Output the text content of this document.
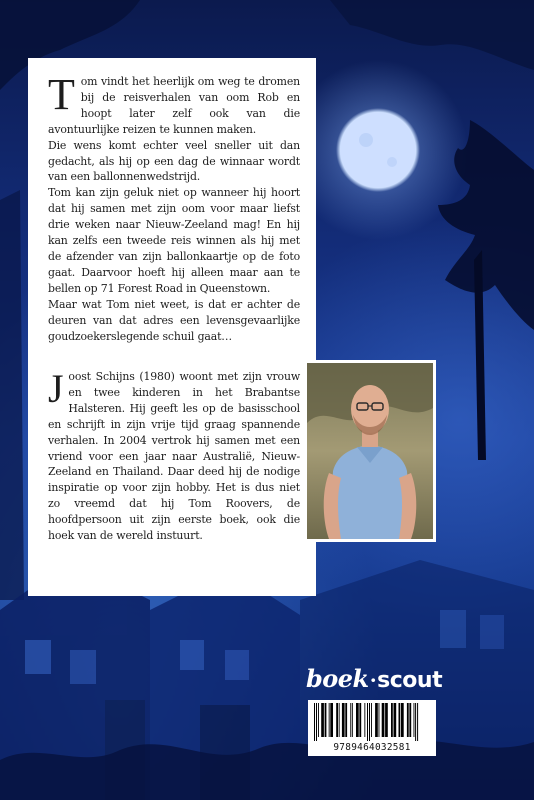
Tom vindt het heerlijk om weg te dromen bij de reisverhalen van oom Rob en hoopt later zelf ook van die avontuurlijke reizen te kunnen maken.

Die wens komt echter veel sneller uit dan gedacht, als hij op een dag de winnaar wordt van een ballonnenwedstrijd.

Tom kan zijn geluk niet op wanneer hij hoort dat hij samen met zijn oom voor maar liefst drie weken naar Nieuw-Zeeland mag! En hij kan zelfs een tweede reis winnen als hij met de afzender van zijn ballonkaartje op de foto gaat. Daarvoor hoeft hij alleen maar aan te bellen op 71 Forest Road in Queenstown.

Maar wat Tom niet weet, is dat er achter de deuren van dat adres een levensgevaarlijke goudzoekerslegende schuil gaat…

Joost Schijns (1980) woont met zijn vrouw en twee kinderen in het Brabantse Halsteren. Hij geeft les op de basisschool en schrijft in zijn vrije tijd graag spannende verhalen. In 2004 vertrok hij samen met een vriend voor een jaar naar Australië, Nieuw-Zeeland en Thailand. Daar deed hij de nodige inspiratie op voor zijn hobby. Het is dus niet zo vreemd dat hij Tom Roovers, de hoofdpersoon uit zijn eerste boek, ook die hoek van de wereld instuurt.

boek·scout
9789464032581
